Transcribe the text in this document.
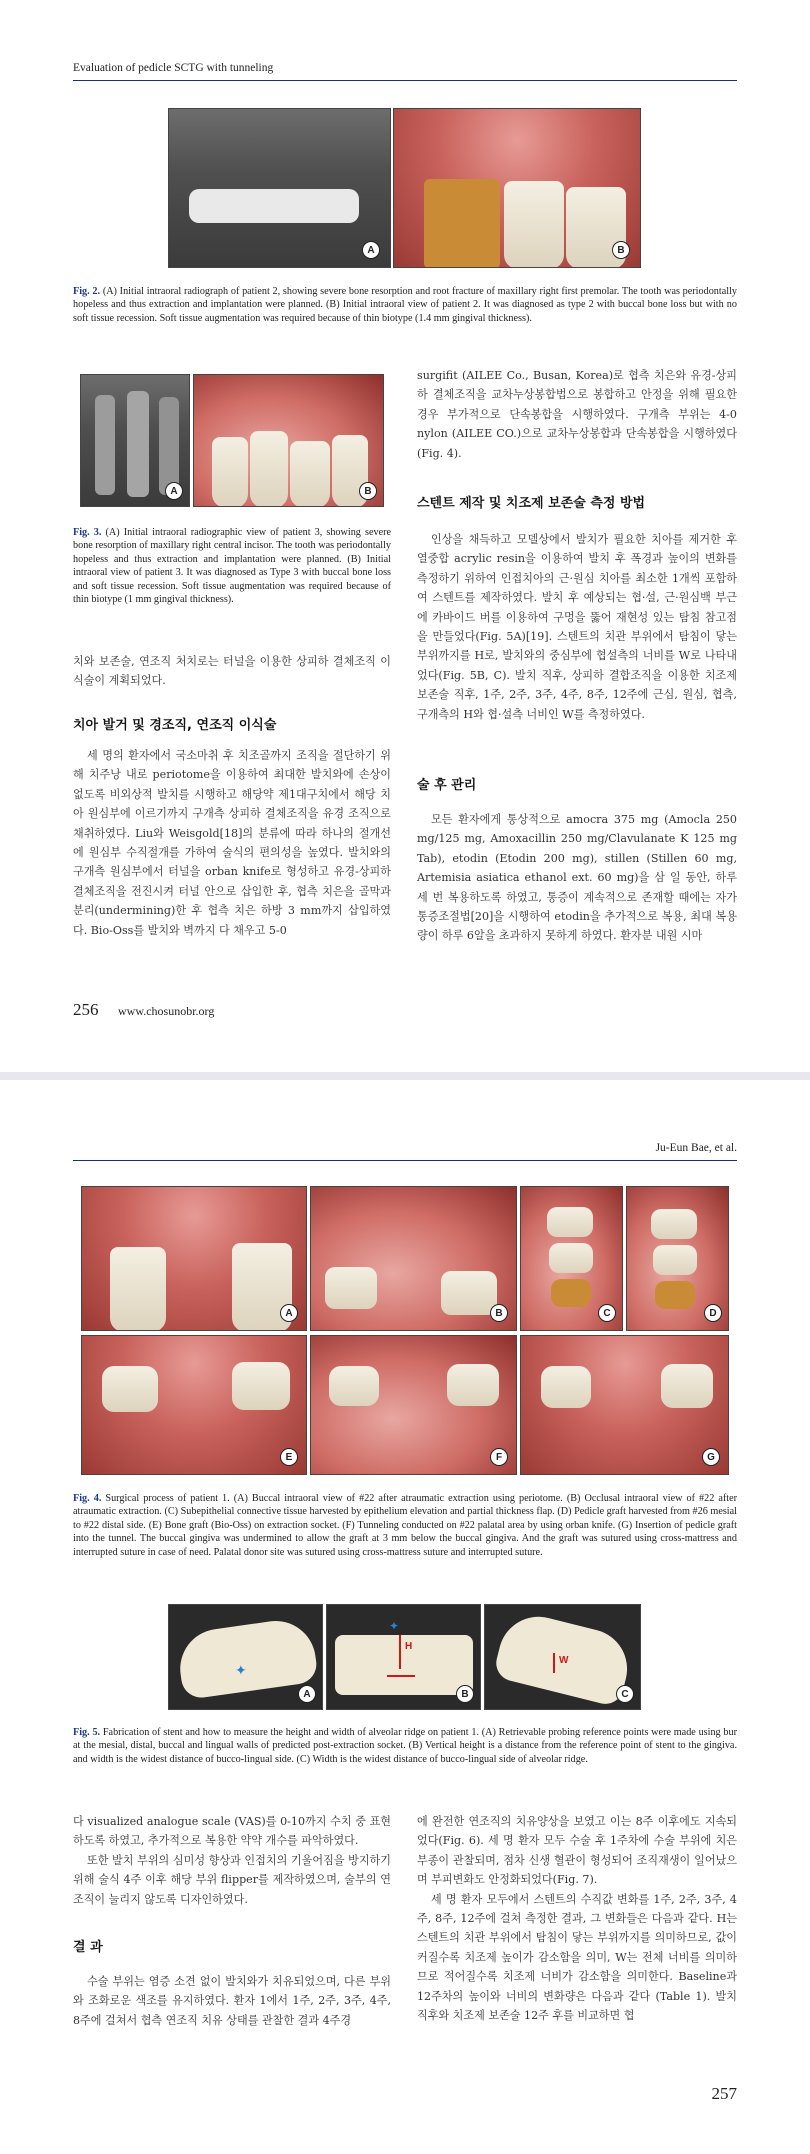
Evaluation of pedicle SCTG with tunneling
A	B
Fig. 2. (A) Initial intraoral radiograph of patient 2, showing severe bone resorption and root fracture of maxillary right first premolar. The tooth was periodontally hopeless and thus extraction and implantation were planned. (B) Initial intraoral view of patient 2. It was diagnosed as type 2 with buccal bone loss but with no soft tissue recession. Soft tissue augmentation was required because of thin biotype (1.4 mm gingival thickness).
A	B
Fig. 3. (A) Initial intraoral radiographic view of patient 3, showing severe bone resorption of maxillary right central incisor. The tooth was periodontally hopeless and thus extraction and implantation were planned. (B) Initial intraoral view of patient 3. It was diagnosed as Type 3 with buccal bone loss and soft tissue recession. Soft tissue augmentation was required because of thin biotype (1 mm gingival thickness).

치와 보존술, 연조직 처치로는 터널을 이용한 상피하 결체조직 이식술이 계획되었다.

치아 발거 및 경조직, 연조직 이식술

세 명의 환자에서 국소마취 후 치조골까지 조직을 절단하기 위해 치주낭 내로 periotome을 이용하여 최대한 발치와에 손상이 없도록 비외상적 발치를 시행하고 해당약 제1대구치에서 해당 치아 원심부에 이르기까지 구개측 상피하 결체조직을 유경 조직으로 채취하였다. Liu와 Weisgold[18]의 분류에 따라 하나의 절개선에 원심부 수직절개를 가하여 술식의 편의성을 높였다. 발치와의 구개측 원심부에서 터널을 orban knife로 형성하고 유경-상피하 결체조직을 전진시켜 터널 안으로 삽입한 후, 협측 치은을 골막과 분리(undermining)한 후 협측 치은 하방 3 mm까지 삽입하였다. Bio-Oss를 발치와 벽까지 다 채우고 5-0

surgifit (AILEE Co., Busan, Korea)로 협측 치은와 유경-상피하 결체조직을 교차누상봉합법으로 봉합하고 안정을 위해 필요한 경우 부가적으로 단속봉합을 시행하였다. 구개측 부위는 4-0 nylon (AILEE CO.)으로 교차누상봉합과 단속봉합을 시행하였다(Fig. 4).

스텐트 제작 및 치조제 보존술 측정 방법

인상을 채득하고 모델상에서 발치가 필요한 치아를 제거한 후 열중합 acrylic resin을 이용하여 발치 후 폭경과 높이의 변화를 측정하기 위하여 인접치아의 근·원심 치아를 최소한 1개씩 포함하여 스텐트를 제작하였다. 발치 후 예상되는 협·설, 근·원심백 부근에 카바이드 버를 이용하여 구멍을 뚫어 재현성 있는 탐침 참고점을 만들었다(Fig. 5A)[19]. 스텐트의 치관 부위에서 탐침이 닿는 부위까지를 H로, 발치와의 중심부에 협설측의 너비를 W로 나타내었다(Fig. 5B, C). 발치 직후, 상피하 결합조직을 이용한 치조제 보존술 직후, 1주, 2주, 3주, 4주, 8주, 12주에 근심, 원심, 협측, 구개측의 H와 협·설측 너비인 W를 측정하였다.

술 후 관리

모든 환자에게 통상적으로 amocra 375 mg (Amocla 250 mg/125 mg, Amoxacillin 250 mg/Clavulanate K 125 mg Tab), etodin (Etodin 200 mg), stillen (Stillen 60 mg, Artemisia asiatica ethanol ext. 60 mg)을 삼 일 동안, 하루 세 번 복용하도록 하였고, 통증이 계속적으로 존재할 때에는 자가통증조절법[20]을 시행하여 etodin을 추가적으로 복용, 최대 복용량이 하루 6알을 초과하지 못하게 하였다. 환자분 내원 시마

256 www.chosunobr.org
Ju-Eun Bae, et al.
A	B	C	D
E	F	G
Fig. 4. Surgical process of patient 1. (A) Buccal intraoral view of #22 after atraumatic extraction using periotome. (B) Occlusal intraoral view of #22 after atraumatic extraction. (C) Subepithelial connective tissue harvested by epithelium elevation and partial thickness flap. (D) Pedicle graft harvested from #26 mesial to #22 distal side. (E) Bone graft (Bio-Oss) on extraction socket. (F) Tunneling conducted on #22 palatal area by using orban knife. (G) Insertion of pedicle graft into the tunnel. The buccal gingiva was undermined to allow the graft at 3 mm below the buccal gingiva. And the graft was sutured using cross-mattress and interrupted suture in case of need. Palatal donor site was sutured using cross-mattress suture and interrupted suture.
✦
A
✦
H
B
W
C
Fig. 5. Fabrication of stent and how to measure the height and width of alveolar ridge on patient 1. (A) Retrievable probing reference points were made using bur at the mesial, distal, buccal and lingual walls of predicted post-extraction socket. (B) Vertical height is a distance from the reference point of stent to the gingiva. and width is the widest distance of bucco-lingual side. (C) Width is the widest distance of bucco-lingual side of alveolar ridge.

다 visualized analogue scale (VAS)를 0-10까지 수치 중 표현하도록 하였고, 추가적으로 복용한 약약 개수를 파악하였다.

또한 발치 부위의 심미성 향상과 인접치의 기울어짐을 방지하기 위해 술식 4주 이후 해당 부위 flipper를 제작하였으며, 술부의 연조직이 눌리지 않도록 디자인하였다.

결 과

수술 부위는 염증 소견 없이 발치와가 치유되었으며, 다른 부위와 조화로운 색조를 유지하였다. 환자 1에서 1주, 2주, 3주, 4주, 8주에 걸쳐서 협측 연조직 치유 상태를 관찰한 결과 4주경

에 완전한 연조직의 치유양상을 보였고 이는 8주 이후에도 지속되었다(Fig. 6). 세 명 환자 모두 수술 후 1주차에 수술 부위에 치은 부종이 관찰되며, 점차 신생 혈관이 형성되어 조직재생이 일어났으며 부피변화도 안정화되었다(Fig. 7).

세 명 환자 모두에서 스텐트의 수직값 변화를 1주, 2주, 3주, 4주, 8주, 12주에 걸쳐 측정한 결과, 그 변화들은 다음과 같다. H는 스텐트의 치관 부위에서 탐침이 닿는 부위까지를 의미하므로, 값이 커질수록 치조제 높이가 감소함을 의미, W는 전체 너비를 의미하므로 적어질수록 치조제 너비가 감소함을 의미한다. Baseline과 12주차의 높이와 너비의 변화량은 다음과 같다 (Table 1). 발치 직후와 치조제 보존술 12주 후를 비교하면 협

257
